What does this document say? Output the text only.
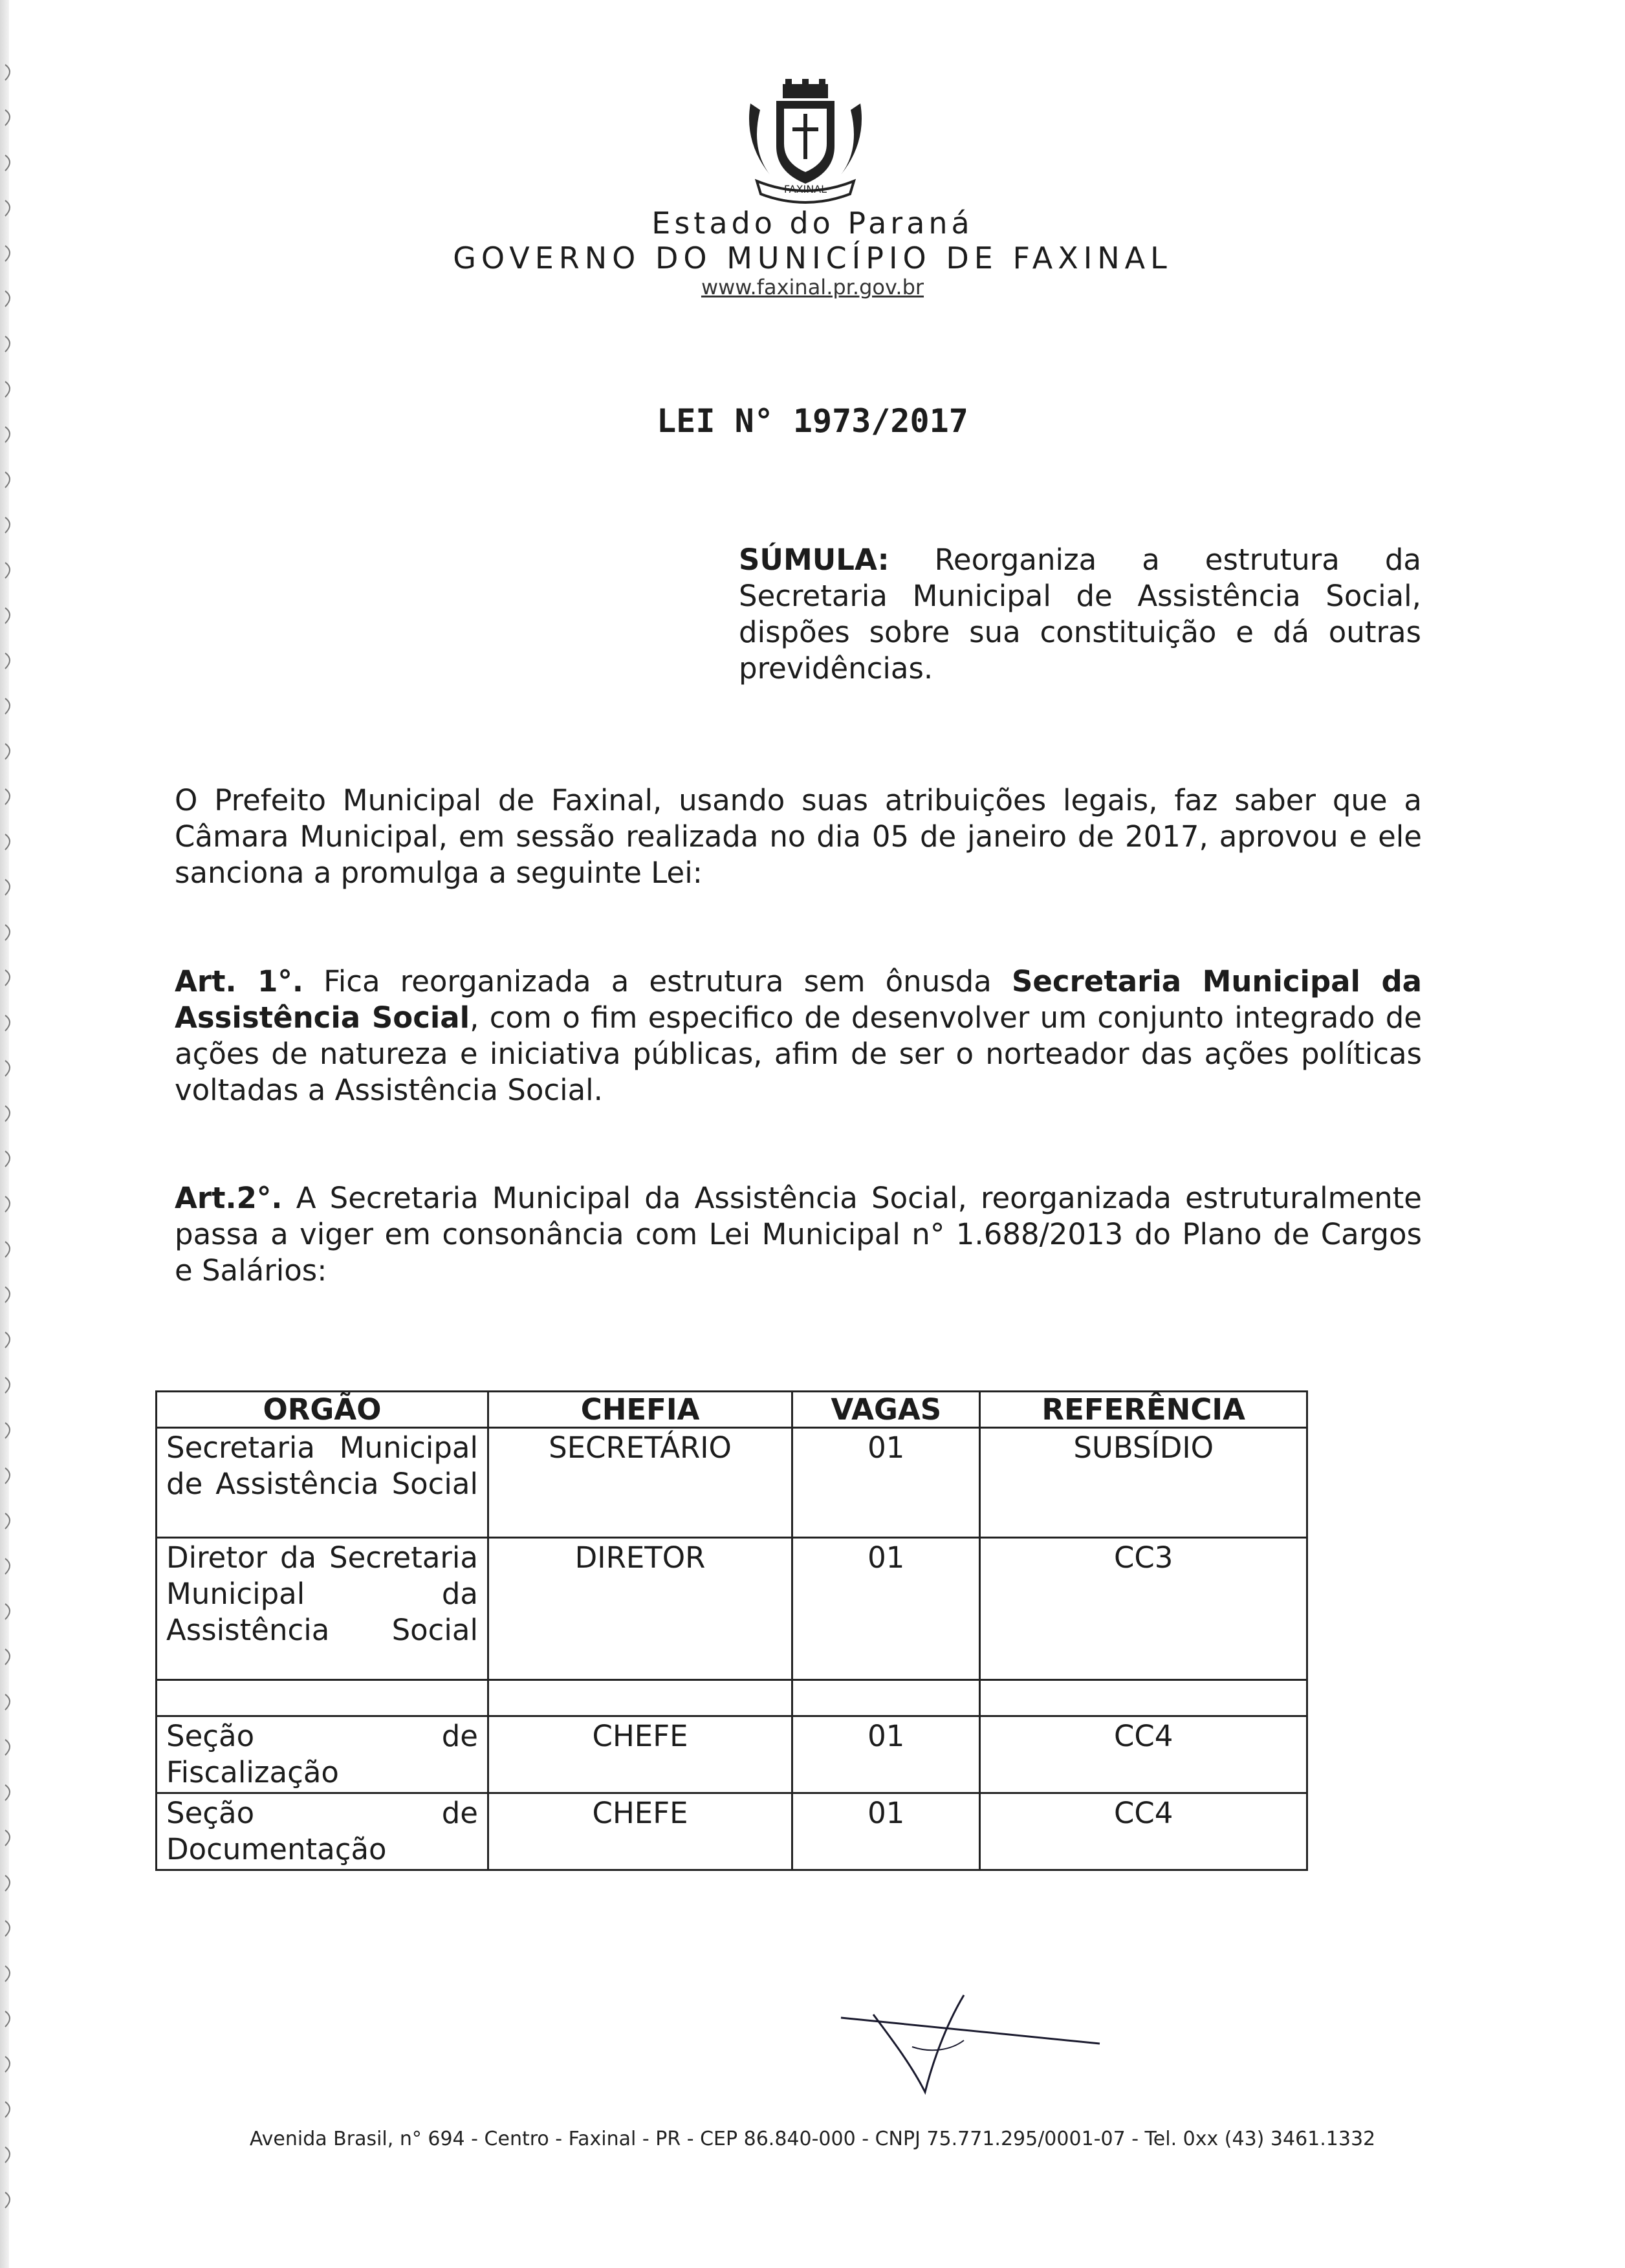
FAXINAL
Estado do Paraná
GOVERNO DO MUNICÍPIO DE FAXINAL
www.faxinal.pr.gov.br
LEI N° 1973/2017
SÚMULA: Reorganiza a estrutura da Secretaria Municipal de Assistência Social, dispões sobre sua constituição e dá outras previdências.
O Prefeito Municipal de Faxinal, usando suas atribuições legais, faz saber que a Câmara Municipal, em sessão realizada no dia 05 de janeiro de 2017, aprovou e ele sanciona a promulga a seguinte Lei:
Art. 1°. Fica reorganizada a estrutura sem ônusda Secretaria Municipal da Assistência Social, com o fim especifico de desenvolver um conjunto integrado de ações de natureza e iniciativa públicas, afim de ser o norteador das ações políticas voltadas a Assistência Social.
Art.2°. A Secretaria Municipal da Assistência Social, reorganizada estruturalmente passa a viger em consonância com Lei Municipal n° 1.688/2013 do Plano de Cargos e Salários:
ORGÃO	CHEFIA	VAGAS	REFERÊNCIA
Secretaria Municipal de Assistência Social	SECRETÁRIO	01	SUBSÍDIO
Diretor da Secretaria Municipal da Assistência Social	DIRETOR	01	CC3

Seção de Fiscalização	CHEFE	01	CC4
Seção de Documentação	CHEFE	01	CC4
Avenida Brasil, n° 694 - Centro - Faxinal - PR - CEP 86.840-000 - CNPJ 75.771.295/0001-07 - Tel. 0xx (43) 3461.1332
